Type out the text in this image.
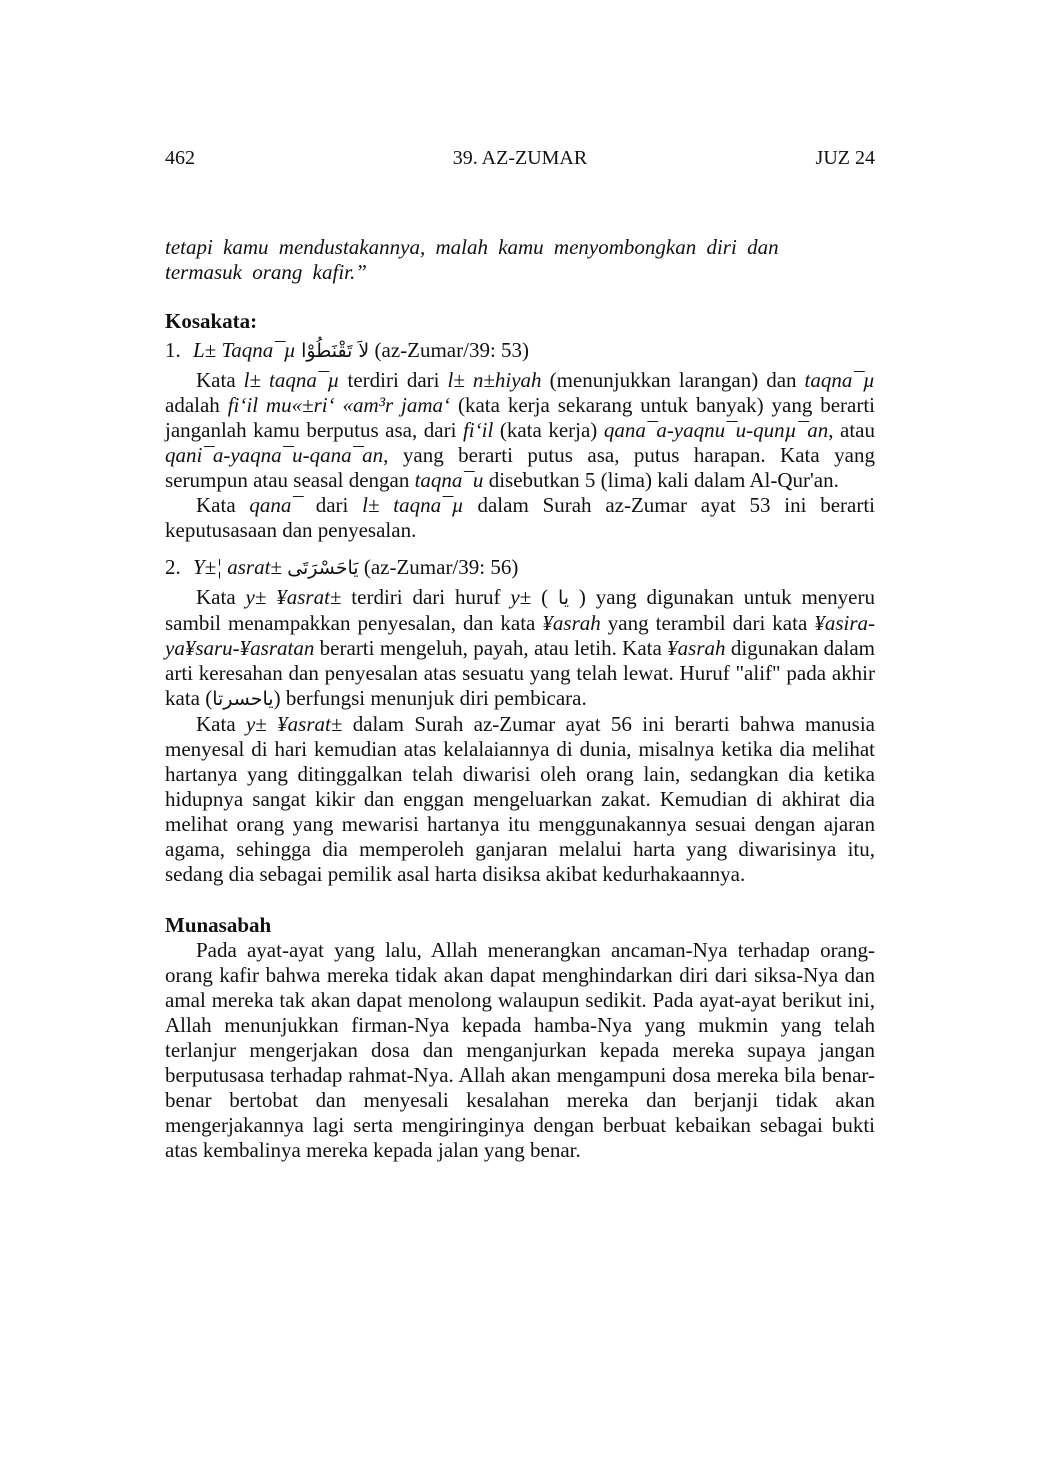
462	39. AZ-ZUMAR	JUZ 24

tetapi kamu mendustakannya, malah kamu menyombongkan diri dan
termasuk orang kafir.”

Kosakata:

1. L± Taqna¯µ لاَ تَقْنَطُوْا (az-Zumar/39: 53)

Kata l± taqna¯µ terdiri dari l± n±hiyah (menunjukkan larangan) dan taqna¯µ adalah fi‘il mu«±ri‘ «am³r jama‘ (kata kerja sekarang untuk banyak) yang berarti janganlah kamu berputus asa, dari fi‘il (kata kerja) qana¯a-yaqnu¯u-qunµ¯an, atau qani¯a-yaqna¯u-qana¯an, yang berarti putus asa, putus harapan. Kata yang serumpun atau seasal dengan taqna¯u disebutkan 5 (lima) kali dalam Al-Qur'an.

Kata qana¯ dari l± taqna¯µ dalam Surah az-Zumar ayat 53 ini berarti keputusasaan dan penyesalan.

2. Y±¦ asrat± يَاحَسْرَتَى (az-Zumar/39: 56)

Kata y± ¥asrat± terdiri dari huruf y± ( يا ) yang digunakan untuk menyeru sambil menampakkan penyesalan, dan kata ¥asrah yang terambil dari kata ¥asira-ya¥saru-¥asratan berarti mengeluh, payah, atau letih. Kata ¥asrah digunakan dalam arti keresahan dan penyesalan atas sesuatu yang telah lewat. Huruf "alif" pada akhir kata (ياحسرتا) berfungsi menunjuk diri pembicara.

Kata y± ¥asrat± dalam Surah az-Zumar ayat 56 ini berarti bahwa manusia menyesal di hari kemudian atas kelalaiannya di dunia, misalnya ketika dia melihat hartanya yang ditinggalkan telah diwarisi oleh orang lain, sedangkan dia ketika hidupnya sangat kikir dan enggan mengeluarkan zakat. Kemudian di akhirat dia melihat orang yang mewarisi hartanya itu menggunakannya sesuai dengan ajaran agama, sehingga dia memperoleh ganjaran melalui harta yang diwarisinya itu, sedang dia sebagai pemilik asal harta disiksa akibat kedurhakaannya.

Munasabah

Pada ayat-ayat yang lalu, Allah menerangkan ancaman-Nya terhadap orang-orang kafir bahwa mereka tidak akan dapat menghindarkan diri dari siksa-Nya dan amal mereka tak akan dapat menolong walaupun sedikit. Pada ayat-ayat berikut ini, Allah menunjukkan firman-Nya kepada hamba-Nya yang mukmin yang telah terlanjur mengerjakan dosa dan menganjurkan kepada mereka supaya jangan berputusasa terhadap rahmat-Nya. Allah akan mengampuni dosa mereka bila benar-benar bertobat dan menyesali kesalahan mereka dan berjanji tidak akan mengerjakannya lagi serta mengiringinya dengan berbuat kebaikan sebagai bukti atas kembalinya mereka kepada jalan yang benar.
